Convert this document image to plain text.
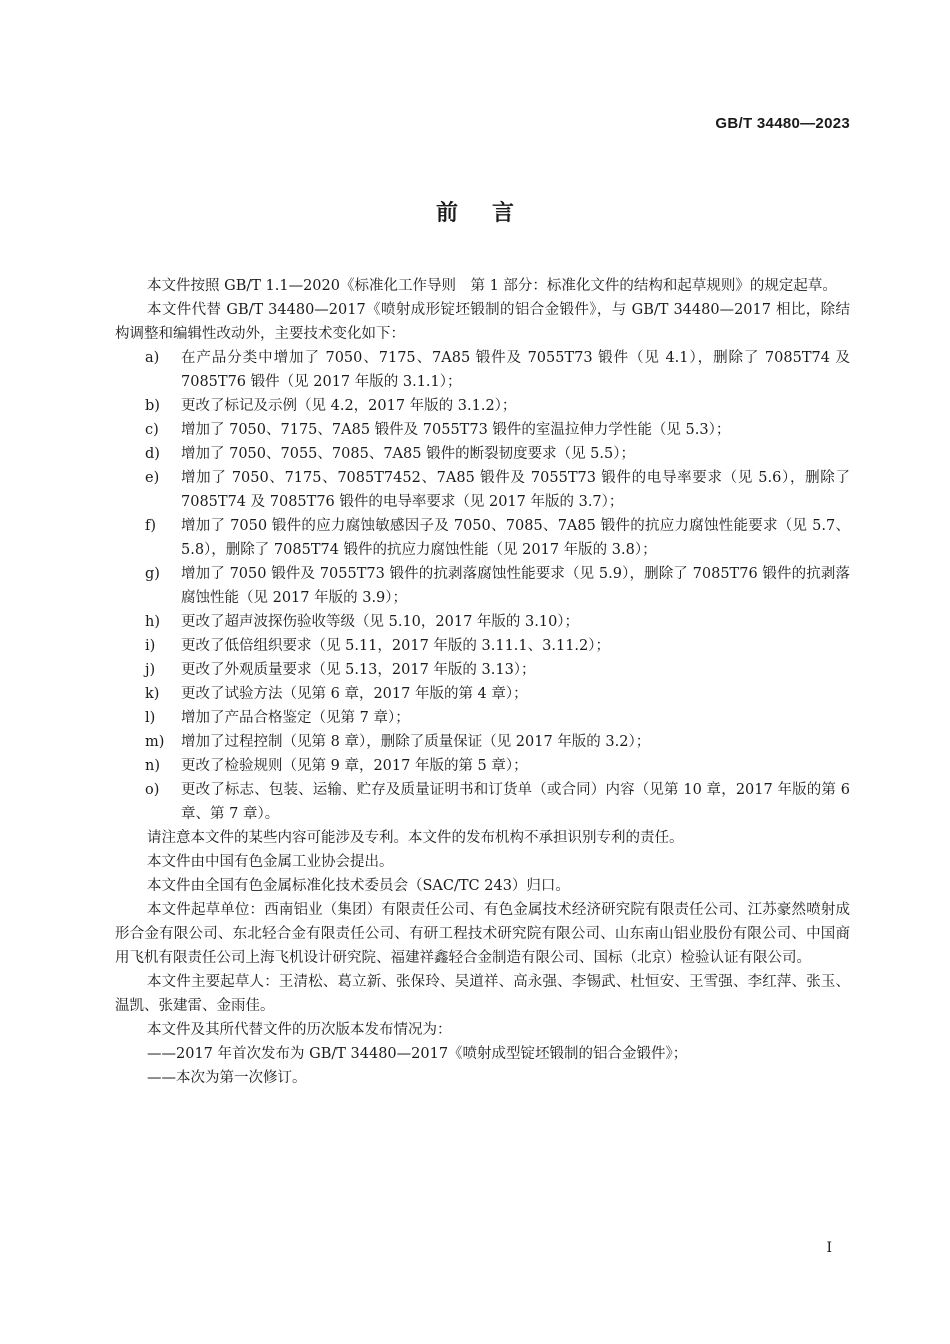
GB/T 34480—2023
前言

本文件按照 GB/T 1.1—2020《标准化工作导则　第 1 部分：标准化文件的结构和起草规则》的规定起草。

本文件代替 GB/T 34480—2017《喷射成形锭坯锻制的铝合金锻件》，与 GB/T 34480—2017 相比，除结构调整和编辑性改动外，主要技术变化如下：

a)	在产品分类中增加了 7050、7175、7A85 锻件及 7055T73 锻件（见 4.1），删除了 7085T74 及 7085T76 锻件（见 2017 年版的 3.1.1）；
b)	更改了标记及示例（见 4.2，2017 年版的 3.1.2）；
c)	增加了 7050、7175、7A85 锻件及 7055T73 锻件的室温拉伸力学性能（见 5.3）；
d)	增加了 7050、7055、7085、7A85 锻件的断裂韧度要求（见 5.5）；
e)	增加了 7050、7175、7085T7452、7A85 锻件及 7055T73 锻件的电导率要求（见 5.6），删除了 7085T74 及 7085T76 锻件的电导率要求（见 2017 年版的 3.7）；
f)	增加了 7050 锻件的应力腐蚀敏感因子及 7050、7085、7A85 锻件的抗应力腐蚀性能要求（见 5.7、5.8），删除了 7085T74 锻件的抗应力腐蚀性能（见 2017 年版的 3.8）；
g)	增加了 7050 锻件及 7055T73 锻件的抗剥落腐蚀性能要求（见 5.9），删除了 7085T76 锻件的抗剥落腐蚀性能（见 2017 年版的 3.9）；
h)	更改了超声波探伤验收等级（见 5.10，2017 年版的 3.10）；
i)	更改了低倍组织要求（见 5.11，2017 年版的 3.11.1、3.11.2）；
j)	更改了外观质量要求（见 5.13，2017 年版的 3.13）；
k)	更改了试验方法（见第 6 章，2017 年版的第 4 章）；
l)	增加了产品合格鉴定（见第 7 章）；
m)	增加了过程控制（见第 8 章），删除了质量保证（见 2017 年版的 3.2）；
n)	更改了检验规则（见第 9 章，2017 年版的第 5 章）；
o)	更改了标志、包装、运输、贮存及质量证明书和订货单（或合同）内容（见第 10 章，2017 年版的第 6 章、第 7 章）。

请注意本文件的某些内容可能涉及专利。本文件的发布机构不承担识别专利的责任。

本文件由中国有色金属工业协会提出。

本文件由全国有色金属标准化技术委员会（SAC/TC 243）归口。

本文件起草单位：西南铝业（集团）有限责任公司、有色金属技术经济研究院有限责任公司、江苏豪然喷射成形合金有限公司、东北轻合金有限责任公司、有研工程技术研究院有限公司、山东南山铝业股份有限公司、中国商用飞机有限责任公司上海飞机设计研究院、福建祥鑫轻合金制造有限公司、国标（北京）检验认证有限公司。

本文件主要起草人：王清松、葛立新、张保玲、吴道祥、高永强、李锡武、杜恒安、王雪强、李红萍、张玉、温凯、张建雷、金雨佳。

本文件及其所代替文件的历次版本发布情况为：

——2017 年首次发布为 GB/T 34480—2017《喷射成型锭坯锻制的铝合金锻件》；

——本次为第一次修订。

I
